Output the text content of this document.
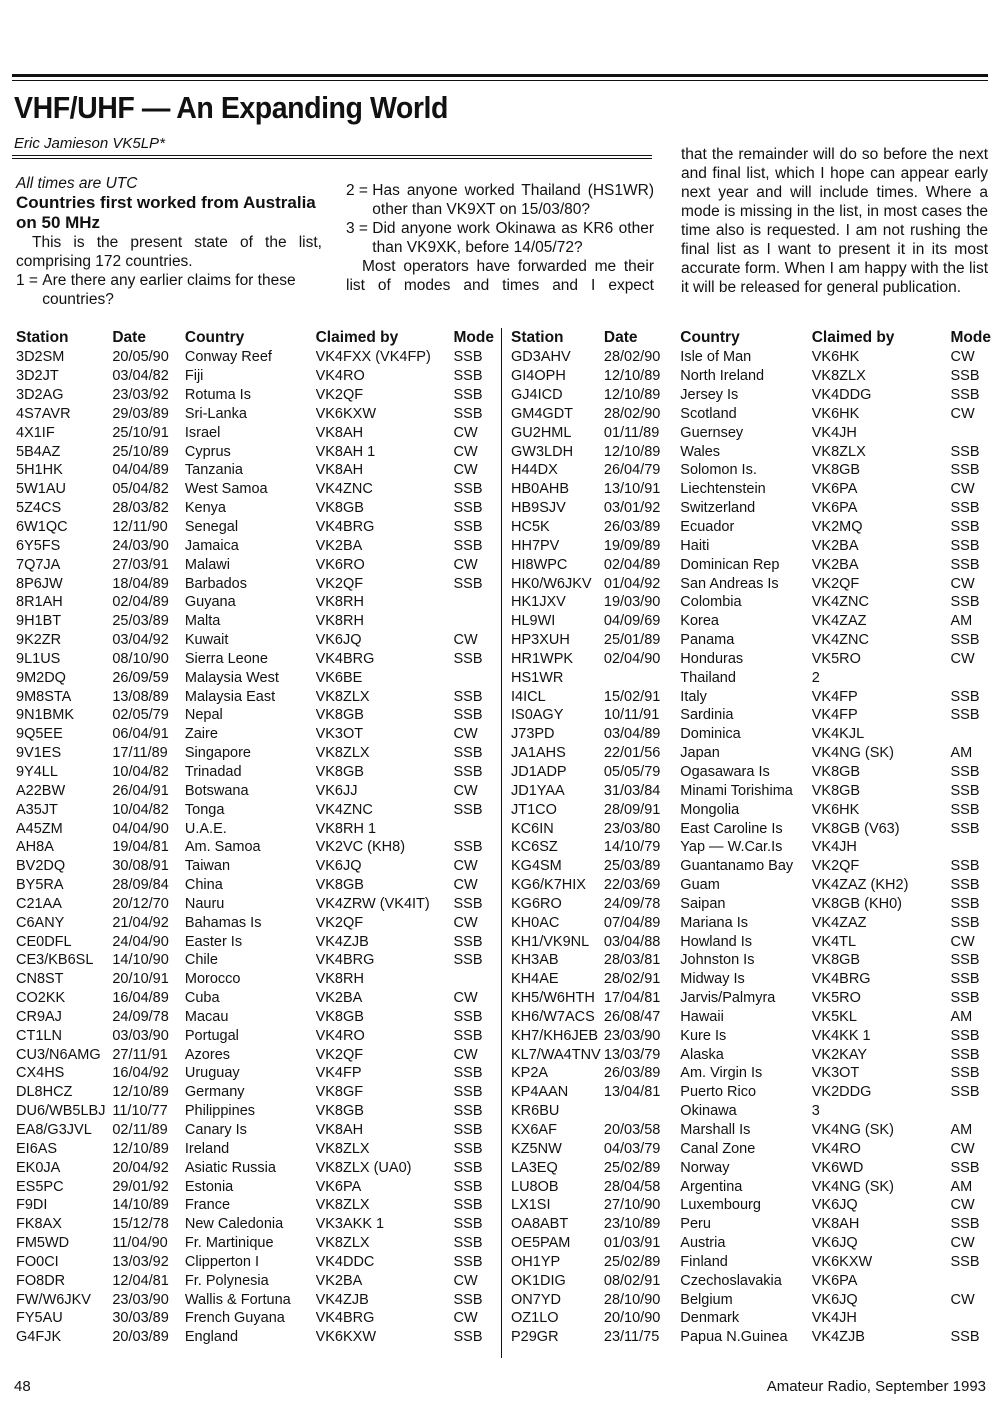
VHF/UHF — An Expanding World
Eric Jamieson VK5LP*

All times are UTC

Countries first worked from Australia on 50 MHz

This is the present state of the list, comprising 172 countries.

1 = Are there any earlier claims for these countries?
2 = Has anyone worked Thailand (HS1WR) other than VK9XT on 15/03/80?
3 = Did anyone work Okinawa as KR6 other than VK9XK, before 14/05/72?

Most operators have forwarded me their list of modes and times and I expect

that the remainder will do so before the next and final list, which I hope can appear early next year and will include times. Where a mode is missing in the list, in most cases the time also is requested. I am not rushing the final list as I want to present it in its most accurate form. When I am happy with the list it will be released for general publication.

Station	Date	Country	Claimed by	Mode
3D2SM	20/05/90	Conway Reef	VK4FXX (VK4FP)	SSB
3D2JT	03/04/82	Fiji	VK4RO	SSB
3D2AG	23/03/92	Rotuma Is	VK2QF	SSB
4S7AVR	29/03/89	Sri-Lanka	VK6KXW	SSB
4X1IF	25/10/91	Israel	VK8AH	CW
5B4AZ	25/10/89	Cyprus	VK8AH 1	CW
5H1HK	04/04/89	Tanzania	VK8AH	CW
5W1AU	05/04/82	West Samoa	VK4ZNC	SSB
5Z4CS	28/03/82	Kenya	VK8GB	SSB
6W1QC	12/11/90	Senegal	VK4BRG	SSB
6Y5FS	24/03/90	Jamaica	VK2BA	SSB
7Q7JA	27/03/91	Malawi	VK6RO	CW
8P6JW	18/04/89	Barbados	VK2QF	SSB
8R1AH	02/04/89	Guyana	VK8RH	
9H1BT	25/03/89	Malta	VK8RH	
9K2ZR	03/04/92	Kuwait	VK6JQ	CW
9L1US	08/10/90	Sierra Leone	VK4BRG	SSB
9M2DQ	26/09/59	Malaysia West	VK6BE	
9M8STA	13/08/89	Malaysia East	VK8ZLX	SSB
9N1BMK	02/05/79	Nepal	VK8GB	SSB
9Q5EE	06/04/91	Zaire	VK3OT	CW
9V1ES	17/11/89	Singapore	VK8ZLX	SSB
9Y4LL	10/04/82	Trinadad	VK8GB	SSB
A22BW	26/04/91	Botswana	VK6JJ	CW
A35JT	10/04/82	Tonga	VK4ZNC	SSB
A45ZM	04/04/90	U.A.E.	VK8RH 1	
AH8A	19/04/81	Am. Samoa	VK2VC (KH8)	SSB
BV2DQ	30/08/91	Taiwan	VK6JQ	CW
BY5RA	28/09/84	China	VK8GB	CW
C21AA	20/12/70	Nauru	VK4ZRW (VK4IT)	SSB
C6ANY	21/04/92	Bahamas Is	VK2QF	CW
CE0DFL	24/04/90	Easter Is	VK4ZJB	SSB
CE3/KB6SL	14/10/90	Chile	VK4BRG	SSB
CN8ST	20/10/91	Morocco	VK8RH	
CO2KK	16/04/89	Cuba	VK2BA	CW
CR9AJ	24/09/78	Macau	VK8GB	SSB
CT1LN	03/03/90	Portugal	VK4RO	SSB
CU3/N6AMG	27/11/91	Azores	VK2QF	CW
CX4HS	16/04/92	Uruguay	VK4FP	SSB
DL8HCZ	12/10/89	Germany	VK8GF	SSB
DU6/WB5LBJ	11/10/77	Philippines	VK8GB	SSB
EA8/G3JVL	02/11/89	Canary Is	VK8AH	SSB
EI6AS	12/10/89	Ireland	VK8ZLX	SSB
EK0JA	20/04/92	Asiatic Russia	VK8ZLX (UA0)	SSB
ES5PC	29/01/92	Estonia	VK6PA	SSB
F9DI	14/10/89	France	VK8ZLX	SSB
FK8AX	15/12/78	New Caledonia	VK3AKK 1	SSB
FM5WD	11/04/90	Fr. Martinique	VK8ZLX	SSB
FO0CI	13/03/92	Clipperton I	VK4DDC	SSB
FO8DR	12/04/81	Fr. Polynesia	VK2BA	CW
FW/W6JKV	23/03/90	Wallis & Fortuna	VK4ZJB	SSB
FY5AU	30/03/89	French Guyana	VK4BRG	CW
G4FJK	20/03/89	England	VK6KXW	SSB
Station	Date	Country	Claimed by	Mode
GD3AHV	28/02/90	Isle of Man	VK6HK	CW
GI4OPH	12/10/89	North Ireland	VK8ZLX	SSB
GJ4ICD	12/10/89	Jersey Is	VK4DDG	SSB
GM4GDT	28/02/90	Scotland	VK6HK	CW
GU2HML	01/11/89	Guernsey	VK4JH	
GW3LDH	12/10/89	Wales	VK8ZLX	SSB
H44DX	26/04/79	Solomon Is.	VK8GB	SSB
HB0AHB	13/10/91	Liechtenstein	VK6PA	CW
HB9SJV	03/01/92	Switzerland	VK6PA	SSB
HC5K	26/03/89	Ecuador	VK2MQ	SSB
HH7PV	19/09/89	Haiti	VK2BA	SSB
HI8WPC	02/04/89	Dominican Rep	VK2BA	SSB
HK0/W6JKV	01/04/92	San Andreas Is	VK2QF	CW
HK1JXV	19/03/90	Colombia	VK4ZNC	SSB
HL9WI	04/09/69	Korea	VK4ZAZ	AM
HP3XUH	25/01/89	Panama	VK4ZNC	SSB
HR1WPK	02/04/90	Honduras	VK5RO	CW
HS1WR		Thailand	2	
I4ICL	15/02/91	Italy	VK4FP	SSB
IS0AGY	10/11/91	Sardinia	VK4FP	SSB
J73PD	03/04/89	Dominica	VK4KJL	
JA1AHS	22/01/56	Japan	VK4NG (SK)	AM
JD1ADP	05/05/79	Ogasawara Is	VK8GB	SSB
JD1YAA	31/03/84	Minami Torishima	VK8GB	SSB
JT1CO	28/09/91	Mongolia	VK6HK	SSB
KC6IN	23/03/80	East Caroline Is	VK8GB (V63)	SSB
KC6SZ	14/10/79	Yap — W.Car.Is	VK4JH	
KG4SM	25/03/89	Guantanamo Bay	VK2QF	SSB
KG6/K7HIX	22/03/69	Guam	VK4ZAZ (KH2)	SSB
KG6RO	24/09/78	Saipan	VK8GB (KH0)	SSB
KH0AC	07/04/89	Mariana Is	VK4ZAZ	SSB
KH1/VK9NL	03/04/88	Howland Is	VK4TL	CW
KH3AB	28/03/81	Johnston Is	VK8GB	SSB
KH4AE	28/02/91	Midway Is	VK4BRG	SSB
KH5/W6HTH	17/04/81	Jarvis/Palmyra	VK5RO	SSB
KH6/W7ACS	26/08/47	Hawaii	VK5KL	AM
KH7/KH6JEB	23/03/90	Kure Is	VK4KK 1	SSB
KL7/WA4TNV	13/03/79	Alaska	VK2KAY	SSB
KP2A	26/03/89	Am. Virgin Is	VK3OT	SSB
KP4AAN	13/04/81	Puerto Rico	VK2DDG	SSB
KR6BU		Okinawa	3	
KX6AF	20/03/58	Marshall Is	VK4NG (SK)	AM
KZ5NW	04/03/79	Canal Zone	VK4RO	CW
LA3EQ	25/02/89	Norway	VK6WD	SSB
LU8OB	28/04/58	Argentina	VK4NG (SK)	AM
LX1SI	27/10/90	Luxembourg	VK6JQ	CW
OA8ABT	23/10/89	Peru	VK8AH	SSB
OE5PAM	01/03/91	Austria	VK6JQ	CW
OH1YP	25/02/89	Finland	VK6KXW	SSB
OK1DIG	08/02/91	Czechoslavakia	VK6PA	
ON7YD	28/10/90	Belgium	VK6JQ	CW
OZ1LO	20/10/90	Denmark	VK4JH	
P29GR	23/11/75	Papua N.Guinea	VK4ZJB	SSB
48	Amateur Radio, September 1993
